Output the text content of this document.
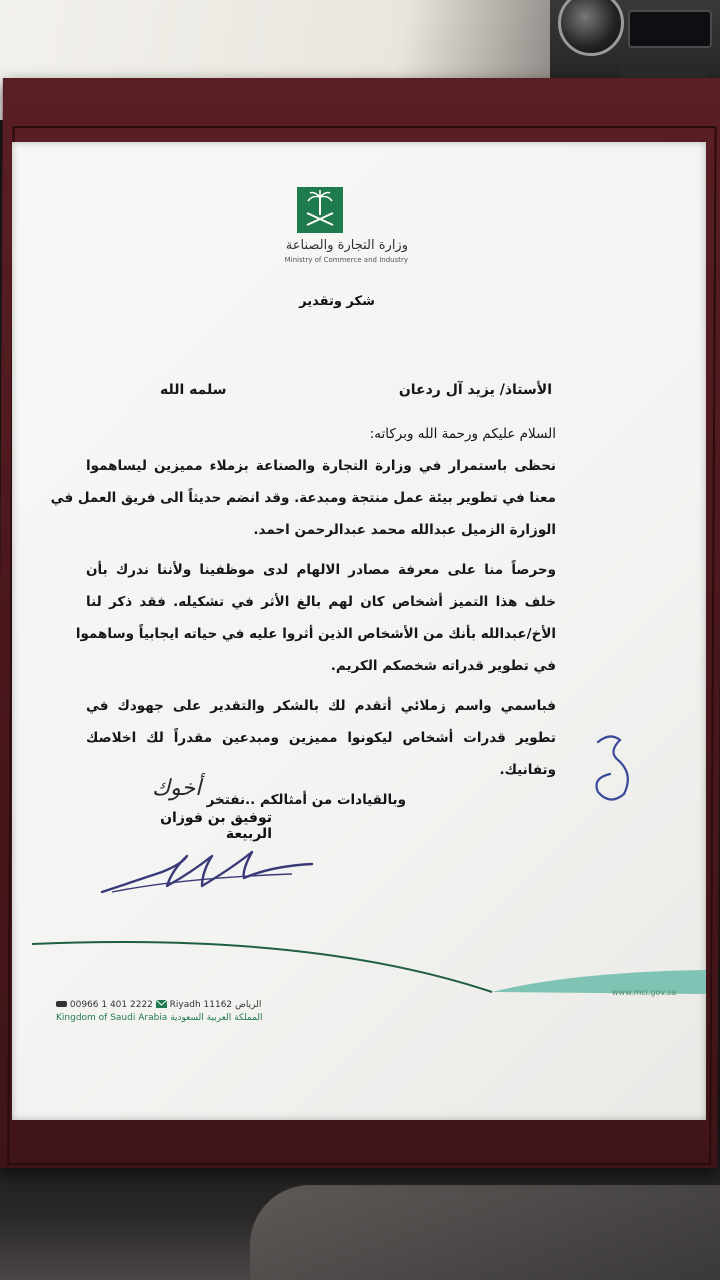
وزارة التجارة والصناعة
Ministry of Commerce and Industry
شكر وتقدير
الأستاذ/ يزيد آل ردعان
سلمه الله
السلام عليكم ورحمة الله وبركاته:
نحظى باستمرار في وزارة التجارة والصناعة بزملاء مميزين ليساهموا
معنا في تطوير بيئة عمل منتجة ومبدعة. وقد انضم حديثاً الى فريق العمل في
الوزارة الزميل عبدالله محمد عبدالرحمن احمد.
وحرصاً منا على معرفة مصادر الالهام لدى موظفينا ولأننا ندرك بأن
خلف هذا التميز أشخاص كان لهم بالغ الأثر في تشكيله. فقد ذكر لنا
الأخ/عبدالله بأنك من الأشخاص الذين أثروا عليه في حياته ايجابياً وساهموا
في تطوير قدراته شخصكم الكريم.
فباسمي واسم زملائي أتقدم لك بالشكر والتقدير على جهودك في
تطوير قدرات أشخاص ليكونوا مميزين ومبدعين مقدراً لك اخلاصك
وتفانيك.
وبالقيادات من أمثالكم ..نفتخر
أخوك
توفيق بن فوزان الربيعة
www.mci.gov.sa
00966 1 401 2222 Riyadh 11162 الرياض
Kingdom of Saudi Arabia المملكة العربية السعودية
